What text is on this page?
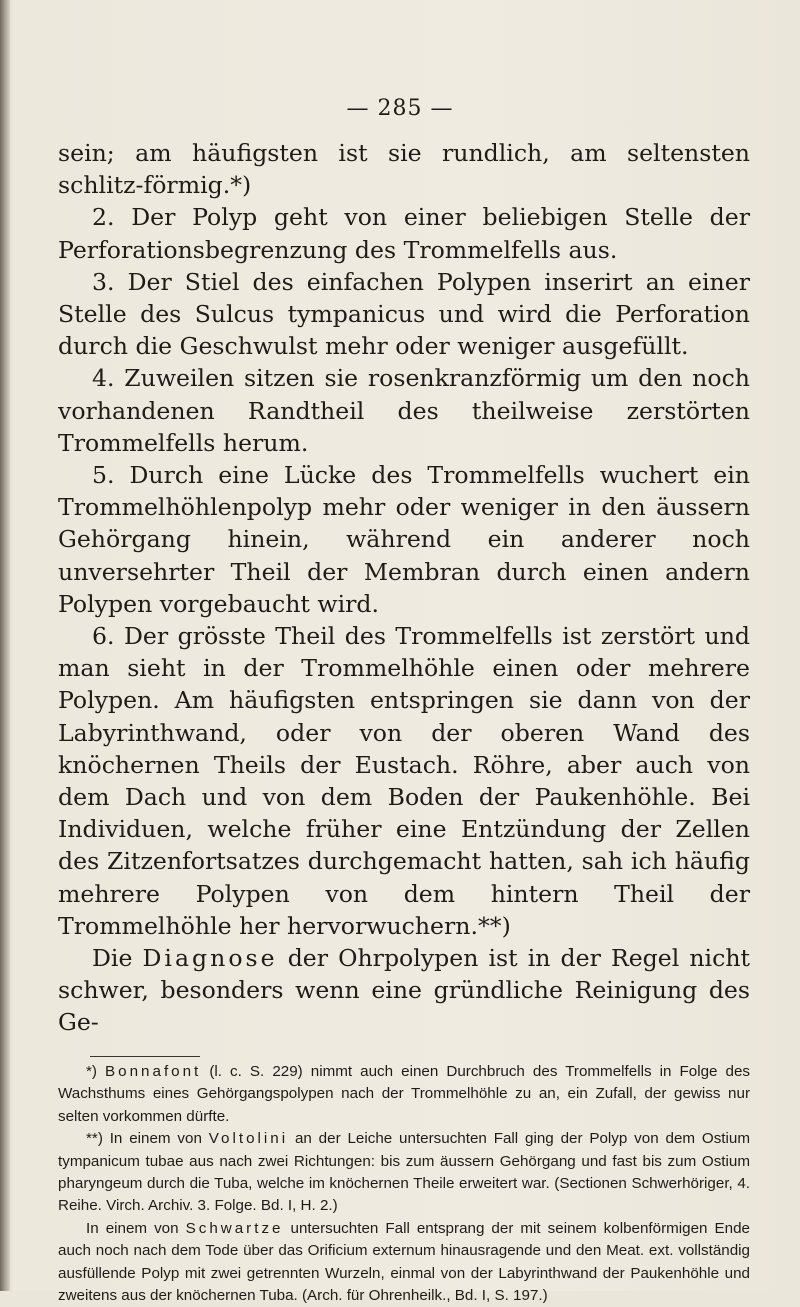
— 285 —

sein; am häufigsten ist sie rundlich, am seltensten schlitz-förmig.*)

2. Der Polyp geht von einer beliebigen Stelle der Perforationsbegrenzung des Trommelfells aus.

3. Der Stiel des einfachen Polypen inserirt an einer Stelle des Sulcus tympanicus und wird die Perforation durch die Geschwulst mehr oder weniger ausgefüllt.

4. Zuweilen sitzen sie rosenkranzförmig um den noch vorhandenen Randtheil des theilweise zerstörten Trommelfells herum.

5. Durch eine Lücke des Trommelfells wuchert ein Trommelhöhlenpolyp mehr oder weniger in den äussern Gehörgang hinein, während ein anderer noch unversehrter Theil der Membran durch einen andern Polypen vorgebaucht wird.

6. Der grösste Theil des Trommelfells ist zerstört und man sieht in der Trommelhöhle einen oder mehrere Polypen. Am häufigsten entspringen sie dann von der Labyrinthwand, oder von der oberen Wand des knöchernen Theils der Eustach. Röhre, aber auch von dem Dach und von dem Boden der Paukenhöhle. Bei Individuen, welche früher eine Entzündung der Zellen des Zitzenfortsatzes durchgemacht hatten, sah ich häufig mehrere Polypen von dem hintern Theil der Trommelhöhle her hervorwuchern.**)

Die Diagnose der Ohrpolypen ist in der Regel nicht schwer, besonders wenn eine gründliche Reinigung des Ge-

*) Bonnafont (l. c. S. 229) nimmt auch einen Durchbruch des Trommelfells in Folge des Wachsthums eines Gehörgangspolypen nach der Trommelhöhle zu an, ein Zufall, der gewiss nur selten vorkommen dürfte.

**) In einem von Voltolini an der Leiche untersuchten Fall ging der Polyp von dem Ostium tympanicum tubae aus nach zwei Richtungen: bis zum äussern Gehörgang und fast bis zum Ostium pharyngeum durch die Tuba, welche im knöchernen Theile erweitert war. (Sectionen Schwerhöriger, 4. Reihe. Virch. Archiv. 3. Folge. Bd. I, H. 2.)

In einem von Schwartze untersuchten Fall entsprang der mit seinem kolbenförmigen Ende auch noch nach dem Tode über das Orificium externum hinausragende und den Meat. ext. vollständig ausfüllende Polyp mit zwei getrennten Wurzeln, einmal von der Labyrinthwand der Paukenhöhle und zweitens aus der knöchernen Tuba. (Arch. für Ohrenheilk., Bd. I, S. 197.)
